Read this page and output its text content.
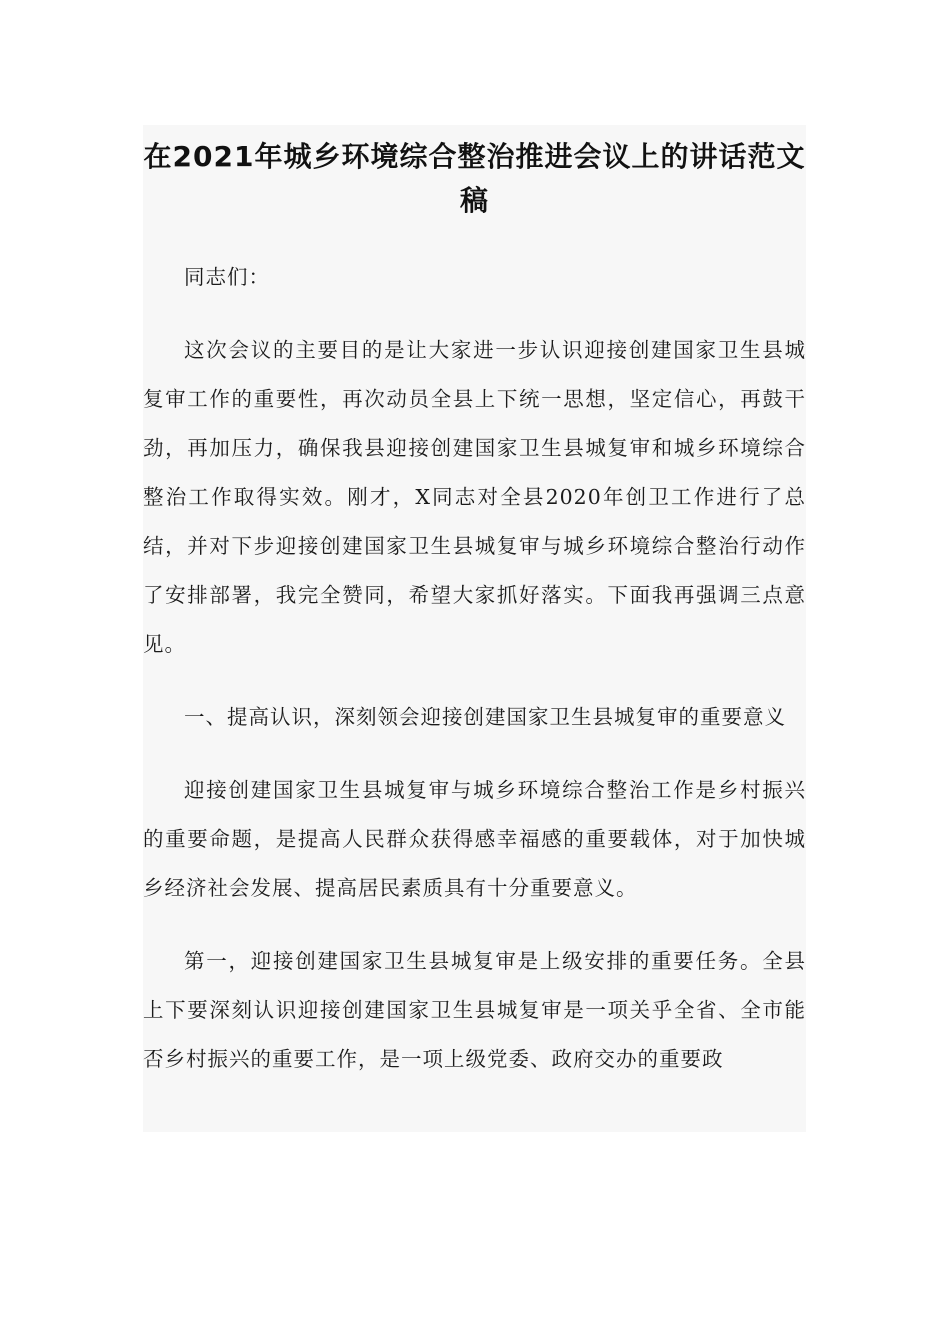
在2021年城乡环境综合整治推进会议上的讲话范文稿

同志们：

这次会议的主要目的是让大家进一步认识迎接创建国家卫生县城复审工作的重要性，再次动员全县上下统一思想，坚定信心，再鼓干劲，再加压力，确保我县迎接创建国家卫生县城复审和城乡环境综合整治工作取得实效。刚才，X同志对全县2020年创卫工作进行了总结，并对下步迎接创建国家卫生县城复审与城乡环境综合整治行动作了安排部署，我完全赞同，希望大家抓好落实。下面我再强调三点意见。

一、提高认识，深刻领会迎接创建国家卫生县城复审的重要意义

迎接创建国家卫生县城复审与城乡环境综合整治工作是乡村振兴的重要命题，是提高人民群众获得感幸福感的重要载体，对于加快城乡经济社会发展、提高居民素质具有十分重要意义。

第一，迎接创建国家卫生县城复审是上级安排的重要任务。全县上下要深刻认识迎接创建国家卫生县城复审是一项关乎全省、全市能否乡村振兴的重要工作，是一项上级党委、政府交办的重要政
